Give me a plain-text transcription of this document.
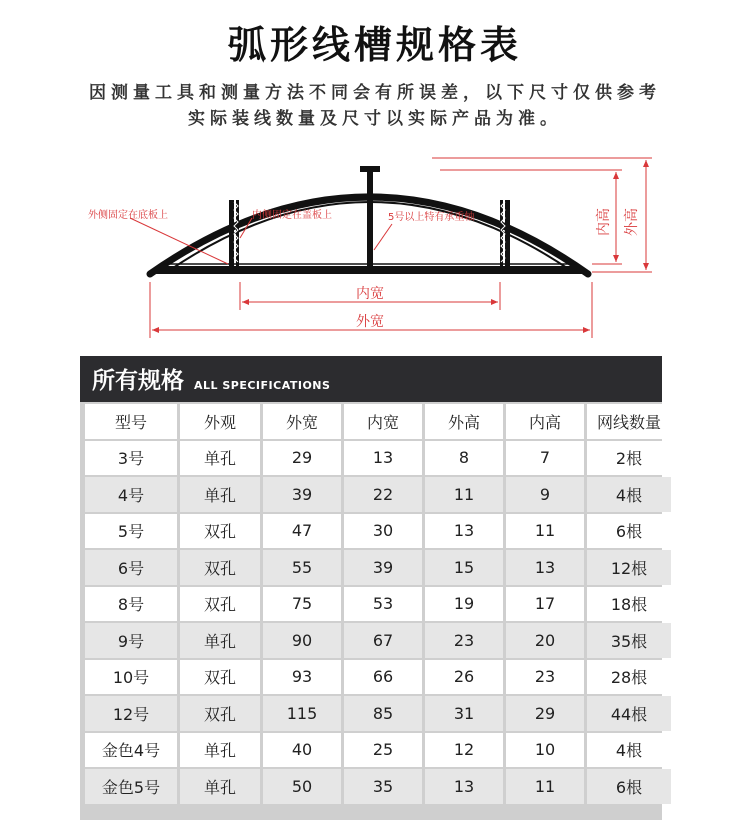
弧形线槽规格表
因测量工具和测量方法不同会有所误差，以下尺寸仅供参考
实际装线数量及尺寸以实际产品为准。
外侧固定在底板上	内侧固定在盖板上	5号以上特有承重轴
内宽
外宽
外高
内高
所有规格 ALL SPECIFICATIONS
型号	外观	外宽	内宽	外高	内高	网线数量
3号	单孔	29	13	8	7	2根
4号	单孔	39	22	11	9	4根
5号	双孔	47	30	13	11	6根
6号	双孔	55	39	15	13	12根
8号	双孔	75	53	19	17	18根
9号	单孔	90	67	23	20	35根
10号	双孔	93	66	26	23	28根
12号	双孔	115	85	31	29	44根
金色4号	单孔	40	25	12	10	4根
金色5号	单孔	50	35	13	11	6根
